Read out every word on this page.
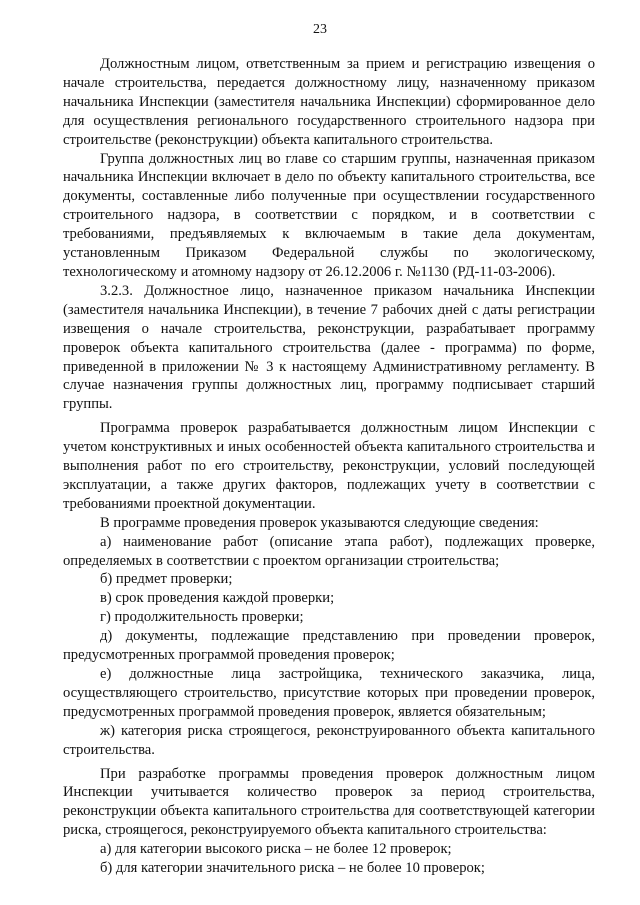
23

Должностным лицом, ответственным за прием и регистрацию извещения о начале строительства, передается должностному лицу, назначенному приказом начальника Инспекции (заместителя начальника Инспекции) сформированное дело для осуществления регионального государственного строительного надзора при строительстве (реконструкции) объекта капитального строительства.

Группа должностных лиц во главе со старшим группы, назначенная приказом начальника Инспекции включает в дело по объекту капитального строительства, все документы, составленные либо полученные при осуществлении государственного строительного надзора, в соответствии с порядком, и в соответствии с требованиями, предъявляемых к включаемым в такие дела документам, установленным Приказом Федеральной службы по экологическому, технологическому и атомному надзору от 26.12.2006 г. №1130 (РД-11-03-2006).

3.2.3. Должностное лицо, назначенное приказом начальника Инспекции (заместителя начальника Инспекции), в течение 7 рабочих дней с даты регистрации извещения о начале строительства, реконструкции, разрабатывает программу проверок объекта капитального строительства (далее - программа) по форме, приведенной в приложении № 3 к настоящему Административному регламенту. В случае назначения группы должностных лиц, программу подписывает старший группы.

Программа проверок разрабатывается должностным лицом Инспекции с учетом конструктивных и иных особенностей объекта капитального строительства и выполнения работ по его строительству, реконструкции, условий последующей эксплуатации, а также других факторов, подлежащих учету в соответствии с требованиями проектной документации.

В программе проведения проверок указываются следующие сведения:

а) наименование работ (описание этапа работ), подлежащих проверке, определяемых в соответствии с проектом организации строительства;

б) предмет проверки;

в) срок проведения каждой проверки;

г) продолжительность проверки;

д) документы, подлежащие представлению при проведении проверок, предусмотренных программой проведения проверок;

е) должностные лица застройщика, технического заказчика, лица, осуществляющего строительство, присутствие которых при проведении проверок, предусмотренных программой проведения проверок, является обязательным;

ж) категория риска строящегося, реконструированного объекта капитального строительства.

При разработке программы проведения проверок должностным лицом Инспекции учитывается количество проверок за период строительства, реконструкции объекта капитального строительства для соответствующей категории риска, строящегося, реконструируемого объекта капитального строительства:

а) для категории высокого риска – не более 12 проверок;

б) для категории значительного риска – не более 10 проверок;
